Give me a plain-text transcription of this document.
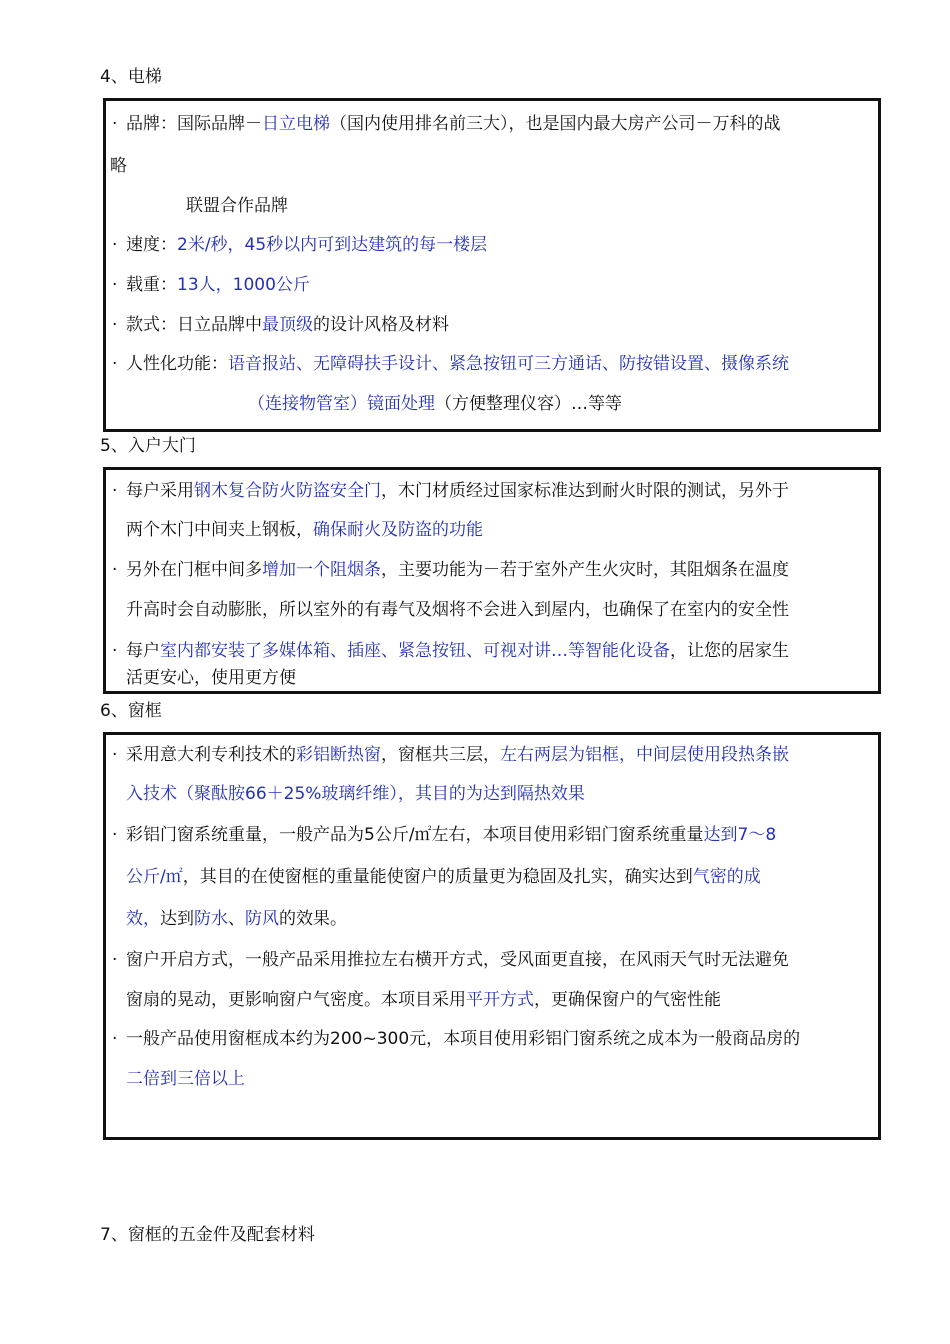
4、电梯
· 品牌：国际品牌－日立电梯（国内使用排名前三大），也是国内最大房产公司－万科的战
略
联盟合作品牌
· 速度：2米/秒，45秒以内可到达建筑的每一楼层
· 载重：13人，1000公斤
· 款式：日立品牌中最顶级的设计风格及材料
· 人性化功能：语音报站、无障碍扶手设计、紧急按钮可三方通话、防按错设置、摄像系统
（连接物管室）镜面处理（方便整理仪容）…等等
5、入户大门
· 每户采用钢木复合防火防盗安全门，木门材质经过国家标准达到耐火时限的测试，另外于
两个木门中间夹上钢板，确保耐火及防盗的功能
· 另外在门框中间多增加一个阻烟条，主要功能为－若于室外产生火灾时，其阻烟条在温度
升高时会自动膨胀，所以室外的有毒气及烟将不会进入到屋内，也确保了在室内的安全性
· 每户室内都安装了多媒体箱、插座、紧急按钮、可视对讲…等智能化设备，让您的居家生
活更安心，使用更方便
6、窗框
· 采用意大利专利技术的彩铝断热窗，窗框共三层，左右两层为铝框，中间层使用段热条嵌
入技术（聚酞胺66＋25%玻璃纤维），其目的为达到隔热效果
· 彩铝门窗系统重量，一般产品为5公斤/㎡左右，本项目使用彩铝门窗系统重量达到7～8
公斤/㎡，其目的在使窗框的重量能使窗户的质量更为稳固及扎实，确实达到气密的成
效，达到防水、防风的效果。
· 窗户开启方式，一般产品采用推拉左右横开方式，受风面更直接，在风雨天气时无法避免
窗扇的晃动，更影响窗户气密度。本项目采用平开方式，更确保窗户的气密性能
· 一般产品使用窗框成本约为200~300元，本项目使用彩铝门窗系统之成本为一般商品房的
二倍到三倍以上
7、窗框的五金件及配套材料
